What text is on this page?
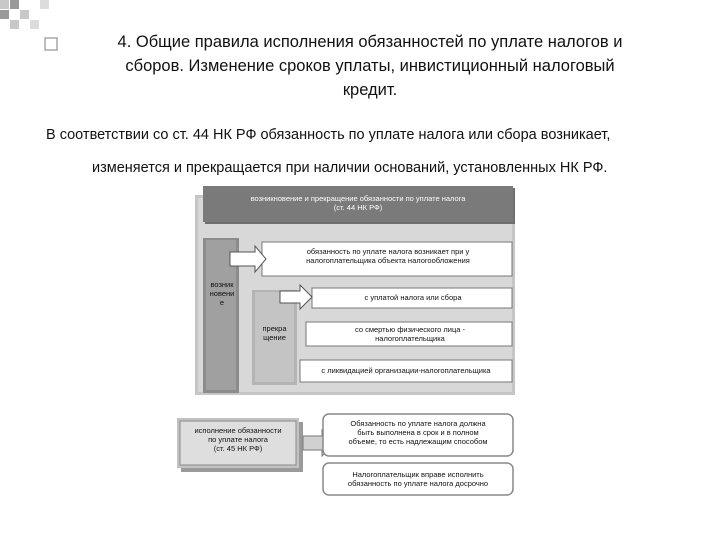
4. Общие правила исполнения обязанностей по уплате налогов и
сборов. Изменение сроков уплаты, инвистиционный налоговый
кредит.
В соответствии со ст. 44 НК РФ обязанность по уплате налога или сбора возникает,
изменяется и прекращается при наличии оснований, установленных НК РФ.
возникновение и прекращение обязанности по уплате налога
(ст. 44 НК РФ)
обязанность по уплате налога возникает при у
налогоплательщика объекта налогообложения
возник
новени
е
прекра
щение
с уплатой налога или сбора
со смертью физического лица -
налогоплательщика
с ликвидацией организации-налогоплательщика
исполнение обязанности
по уплате налога
(ст. 45 НК РФ)
Обязанность по уплате налога должна
быть выполнена в срок и в полном
объеме, то есть надлежащим способом
Налогоплательщик вправе исполнить
обязанность по уплате налога досрочно
